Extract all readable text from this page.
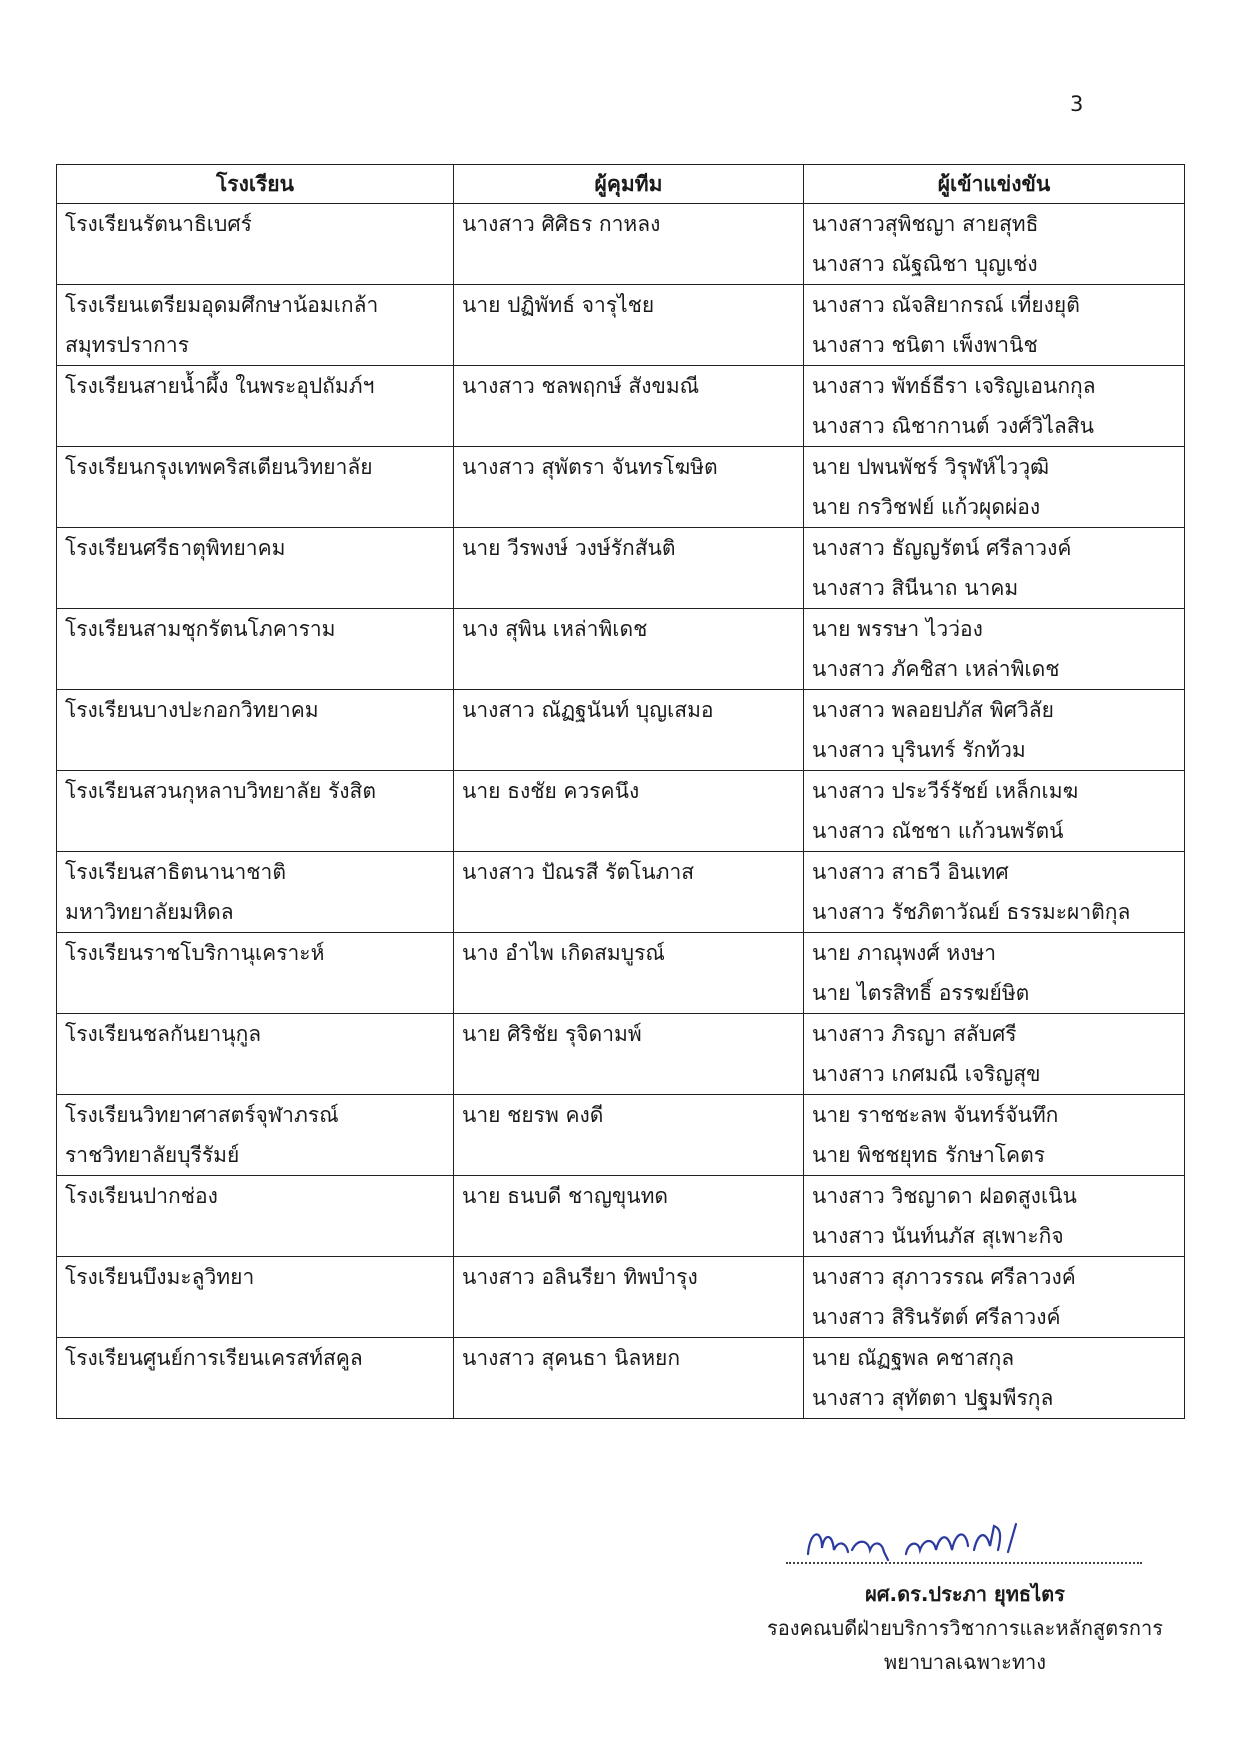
3
โรงเรียน	ผู้คุมทีม	ผู้เข้าแข่งขัน

โรงเรียนรัตนาธิเบศร์	นางสาว ศิศิธร กาหลง	นางสาวสุพิชญา สายสุทธิ
นางสาว ณัฐณิชา บุญเช่ง

โรงเรียนเตรียมอุดมศึกษาน้อมเกล้า
สมุทรปราการ	นาย ปฏิพัทธ์ จารุไชย	นางสาว ณัจสิยากรณ์ เที่ยงยุติ
นางสาว ชนิตา เพ็งพานิช

โรงเรียนสายน้ำผึ้ง ในพระอุปถัมภ์ฯ	นางสาว ชลพฤกษ์ สังขมณี	นางสาว พัทธ์ธีรา เจริญเอนกกุล
นางสาว ณิชากานต์ วงศ์วิไลสิน

โรงเรียนกรุงเทพคริสเตียนวิทยาลัย	นางสาว สุพัตรา จันทรโฆษิต	นาย ปพนพัชร์ วิรุฬห์ไววุฒิ
นาย กรวิชฟย์ แก้วผุดผ่อง

โรงเรียนศรีธาตุพิทยาคม	นาย วีรพงษ์ วงษ์รักสันติ	นางสาว ธัญญรัตน์ ศรีลาวงค์
นางสาว สินีนาถ นาคม

โรงเรียนสามชุกรัตนโภคาราม	นาง สุพิน เหล่าพิเดช	นาย พรรษา ไวว่อง
นางสาว ภัคชิสา เหล่าพิเดช

โรงเรียนบางปะกอกวิทยาคม	นางสาว ณัฏฐนันท์ บุญเสมอ	นางสาว พลอยปภัส พิศวิลัย
นางสาว บุรินทร์ รักท้วม

โรงเรียนสวนกุหลาบวิทยาลัย รังสิต	นาย ธงชัย ควรคนึง	นางสาว ประวีร์รัชย์ เหล็กเมฆ
นางสาว ณัชชา แก้วนพรัตน์

โรงเรียนสาธิตนานาชาติ
มหาวิทยาลัยมหิดล	นางสาว ปัณรสี รัตโนภาส	นางสาว สาธวี อินเทศ
นางสาว รัชภิตาวัณย์ ธรรมะผาติกุล

โรงเรียนราชโบริกานุเคราะห์	นาง อำไพ เกิดสมบูรณ์	นาย ภาณุพงศ์ หงษา
นาย ไตรสิทธิ์ อรรฆย์ษิต

โรงเรียนชลกันยานุกูล	นาย ศิริชัย รุจิดามพ์	นางสาว ภิรญา สลับศรี
นางสาว เกศมณี เจริญสุข

โรงเรียนวิทยาศาสตร์จุฬาภรณ์
ราชวิทยาลัยบุรีรัมย์	นาย ชยรพ คงดี	นาย ราชชะลพ จันทร์จันทึก
นาย พิชชยุทธ รักษาโคตร

โรงเรียนปากช่อง	นาย ธนบดี ชาญขุนทด	นางสาว วิชญาดา ฝอดสูงเนิน
นางสาว นันท์นภัส สุเพาะกิจ

โรงเรียนบึงมะลูวิทยา	นางสาว อลินรียา ทิพบำรุง	นางสาว สุภาวรรณ ศรีลาวงค์
นางสาว สิรินรัตต์ ศรีลาวงค์

โรงเรียนศูนย์การเรียนเครสท์สคูล	นางสาว สุคนธา นิลหยก	นาย ณัฏฐพล คชาสกุล
นางสาว สุทัตตา ปฐมพีรกุล
ผศ.ดร.ประภา ยุทธไตร
รองคณบดีฝ่ายบริการวิชาการและหลักสูตรการ
พยาบาลเฉพาะทาง
